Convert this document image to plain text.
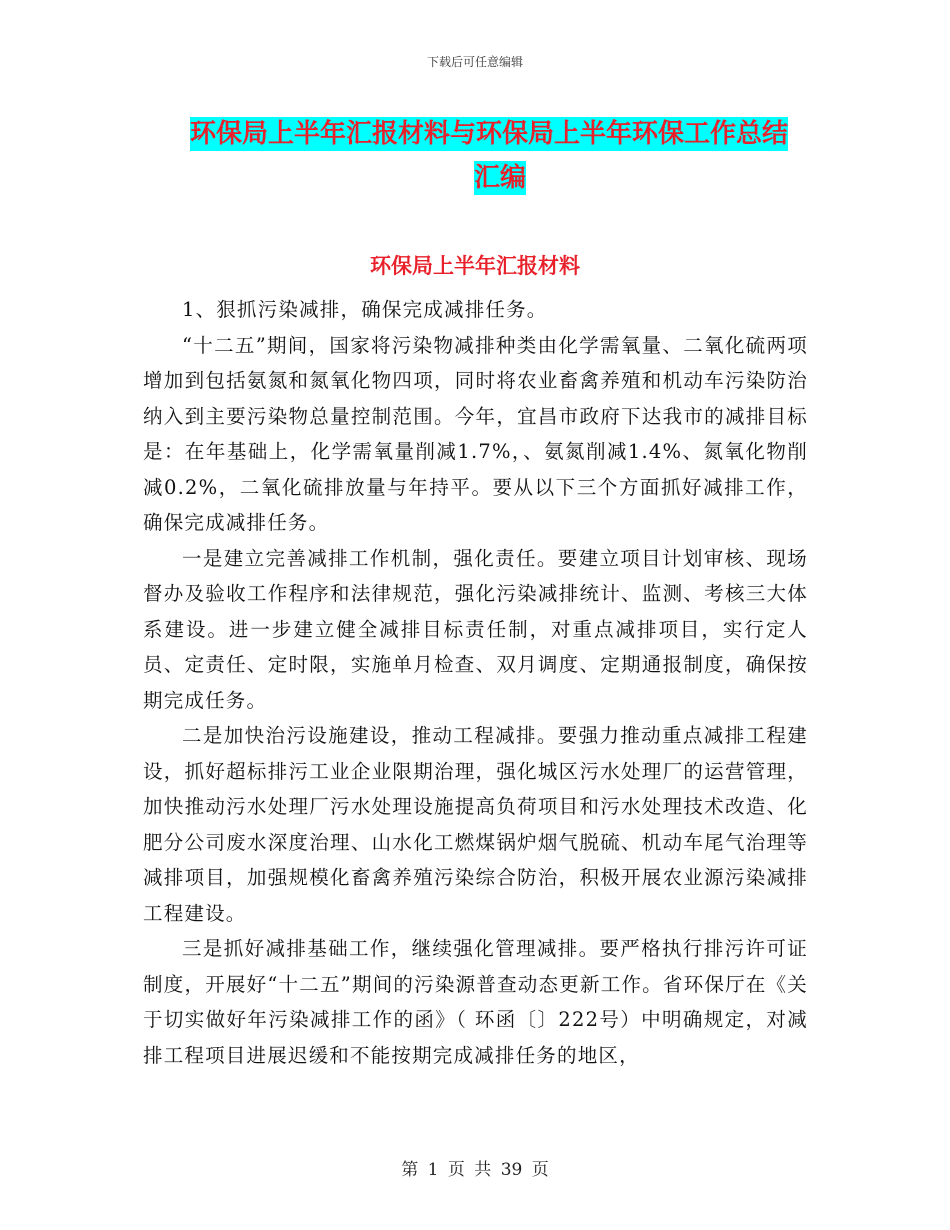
下载后可任意编辑
环保局上半年汇报材料与环保局上半年环保工作总结
汇编
环保局上半年汇报材料

1、狠抓污染减排，确保完成减排任务。

“十二五”期间，国家将污染物减排种类由化学需氧量、二氧化硫两项增加到包括氨氮和氮氧化物四项，同时将农业畜禽养殖和机动车污染防治纳入到主要污染物总量控制范围。今年，宜昌市政府下达我市的减排目标是：在年基础上，化学需氧量削减1.7%，、氨氮削减1.4%、氮氧化物削减0.2%，二氧化硫排放量与年持平。要从以下三个方面抓好减排工作，确保完成减排任务。

一是建立完善减排工作机制，强化责任。要建立项目计划审核、现场督办及验收工作程序和法律规范，强化污染减排统计、监测、考核三大体系建设。进一步建立健全减排目标责任制，对重点减排项目，实行定人员、定责任、定时限，实施单月检查、双月调度、定期通报制度，确保按期完成任务。

二是加快治污设施建设，推动工程减排。要强力推动重点减排工程建设，抓好超标排污工业企业限期治理，强化城区污水处理厂的运营管理，加快推动污水处理厂污水处理设施提高负荷项目和污水处理技术改造、化肥分公司废水深度治理、山水化工燃煤锅炉烟气脱硫、机动车尾气治理等减排项目，加强规模化畜禽养殖污染综合防治，积极开展农业源污染减排工程建设。

三是抓好减排基础工作，继续强化管理减排。要严格执行排污许可证制度，开展好“十二五”期间的污染源普查动态更新工作。省环保厅在《关于切实做好年污染减排工作的函》（ 环函〔〕222号）中明确规定，对减排工程项目进展迟缓和不能按期完成减排任务的地区，

第 1 页 共 39 页
